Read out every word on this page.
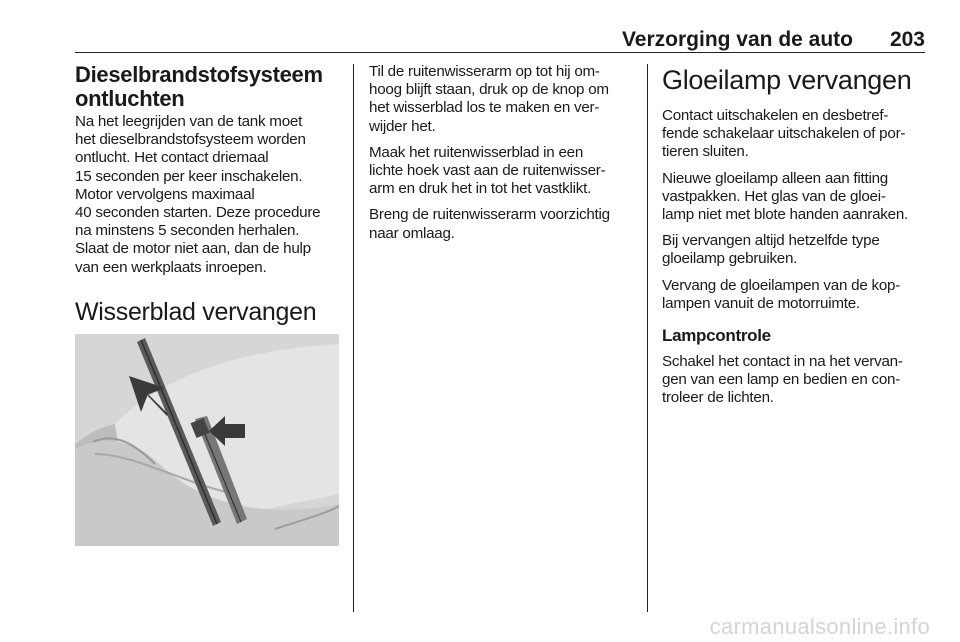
Verzorging van de auto 203
Dieselbrandstofsysteem
ontluchten

Na het leegrijden van de tank moet
het dieselbrandstofsysteem worden
ontlucht. Het contact driemaal
15 seconden per keer inschakelen.
Motor vervolgens maximaal
40 seconden starten. Deze procedure
na minstens 5 seconden herhalen.
Slaat de motor niet aan, dan de hulp
van een werkplaats inroepen.

Wisserblad vervangen

Til de ruitenwisserarm op tot hij om-
hoog blijft staan, druk op de knop om
het wisserblad los te maken en ver-
wijder het.

Maak het ruitenwisserblad in een
lichte hoek vast aan de ruitenwisser-
arm en druk het in tot het vastklikt.

Breng de ruitenwisserarm voorzichtig
naar omlaag.

Gloeilamp vervangen

Contact uitschakelen en desbetref-
fende schakelaar uitschakelen of por-
tieren sluiten.

Nieuwe gloeilamp alleen aan fitting
vastpakken. Het glas van de gloei-
lamp niet met blote handen aanraken.

Bij vervangen altijd hetzelfde type
gloeilamp gebruiken.

Vervang de gloeilampen van de kop-
lampen vanuit de motorruimte.

Lampcontrole

Schakel het contact in na het vervan-
gen van een lamp en bedien en con-
troleer de lichten.

carmanualsonline.info
